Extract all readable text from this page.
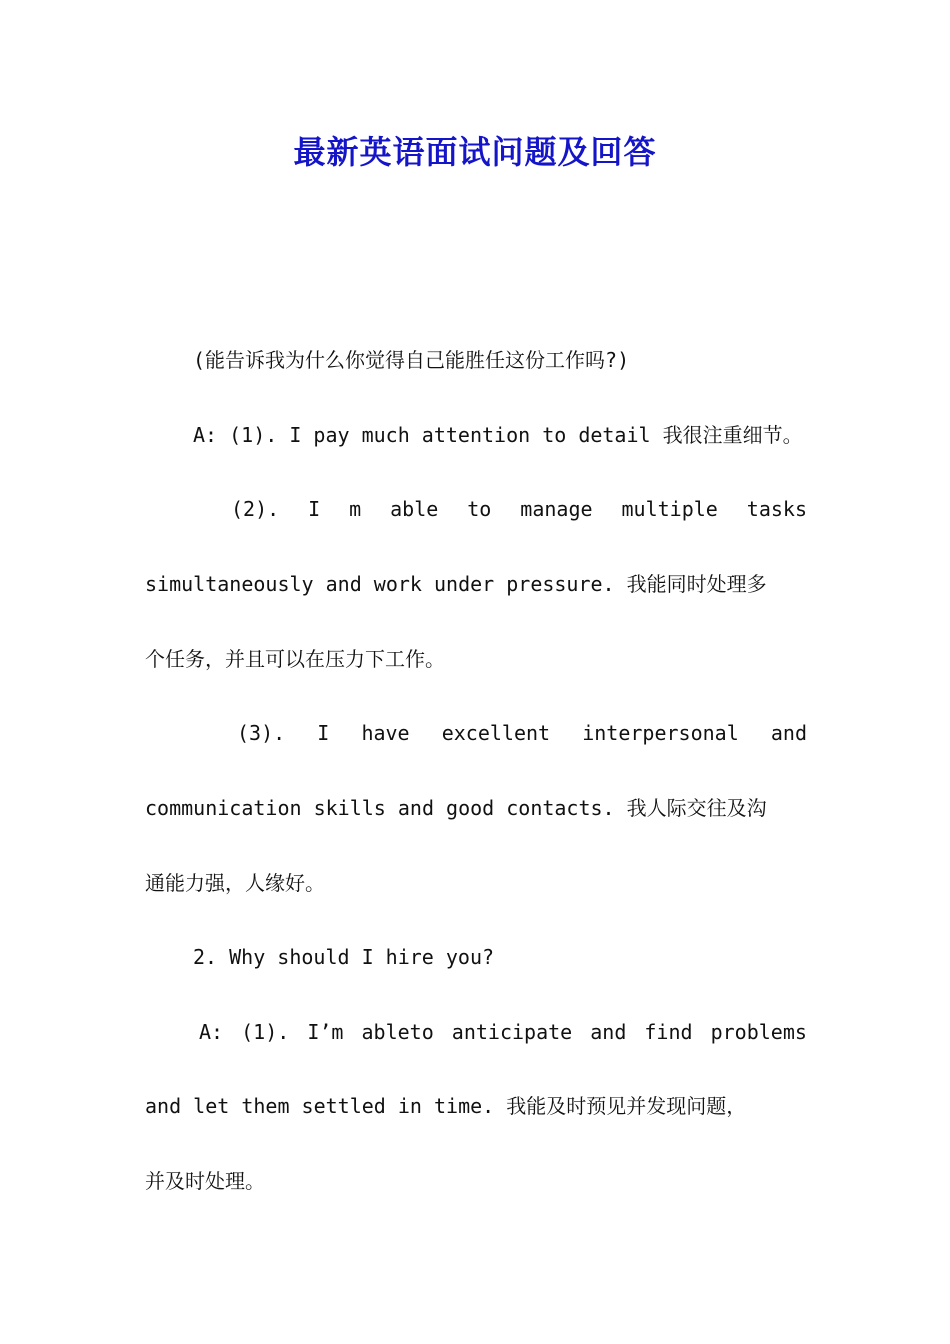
最新英语面试问题及回答
(能告诉我为什么你觉得自己能胜任这份工作吗?)
A: (1). I pay much attention to detail 我很注重细节。
(2). I m able to manage multiple tasks
simultaneously and work under pressure. 我能同时处理多
个任务，并且可以在压力下工作。
(3). I have excellent interpersonal and
communication skills and good contacts. 我人际交往及沟
通能力强，人缘好。
2. Why should I hire you?
A: (1). I’m ableto anticipate and find problems
and let them settled in time. 我能及时预见并发现问题，
并及时处理。
